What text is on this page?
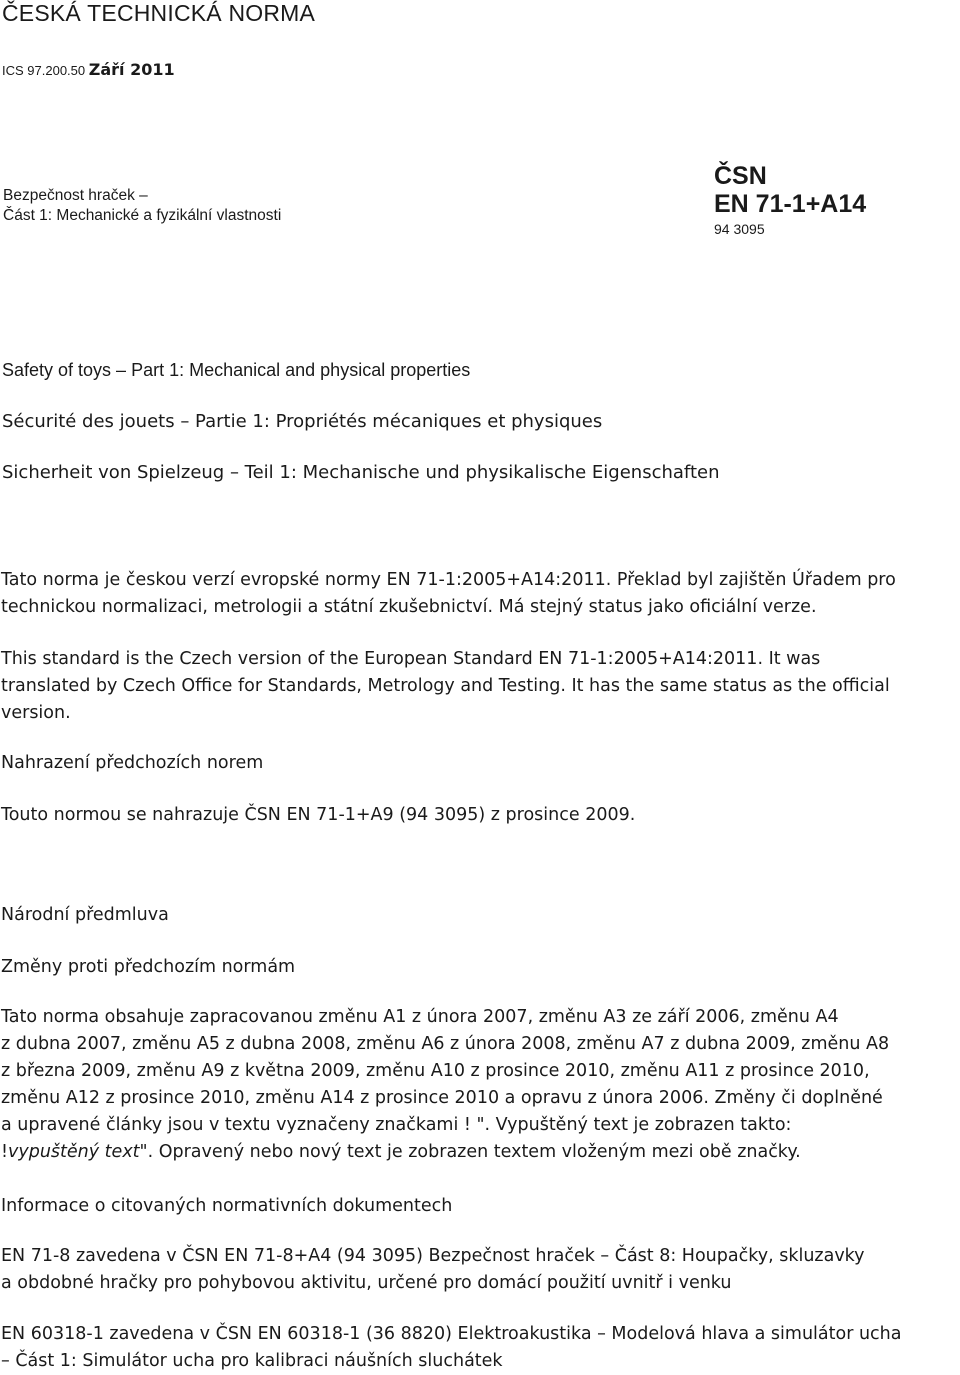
ČESKÁ TECHNICKÁ NORMA
ICS 97.200.50 Září 2011
Bezpečnost hraček –
Část 1: Mechanické a fyzikální vlastnosti
ČSN
EN 71-1+A14
94 3095
Safety of toys – Part 1: Mechanical and physical properties
Sécurité des jouets – Partie 1: Propriétés mécaniques et physiques
Sicherheit von Spielzeug – Teil 1: Mechanische und physikalische Eigenschaften
Tato norma je českou verzí evropské normy EN 71-1:2005+A14:2011. Překlad byl zajištěn Úřadem pro
technickou normalizaci, metrologii a státní zkušebnictví. Má stejný status jako oficiální verze.
This standard is the Czech version of the European Standard EN 71-1:2005+A14:2011. It was
translated by Czech Office for Standards, Metrology and Testing. It has the same status as the official
version.
Nahrazení předchozích norem
Touto normou se nahrazuje ČSN EN 71-1+A9 (94 3095) z prosince 2009.
Národní předmluva
Změny proti předchozím normám
Tato norma obsahuje zapracovanou změnu A1 z února 2007, změnu A3 ze září 2006, změnu A4
z dubna 2007, změnu A5 z dubna 2008, změnu A6 z února 2008, změnu A7 z dubna 2009, změnu A8
z března 2009, změnu A9 z května 2009, změnu A10 z prosince 2010, změnu A11 z prosince 2010,
změnu A12 z prosince 2010, změnu A14 z prosince 2010 a opravu z února 2006. Změny či doplněné
a upravené články jsou v textu vyznačeny značkami ! ". Vypuštěný text je zobrazen takto:
!vypuštěný text". Opravený nebo nový text je zobrazen textem vloženým mezi obě značky.
Informace o citovaných normativních dokumentech
EN 71-8 zavedena v ČSN EN 71-8+A4 (94 3095) Bezpečnost hraček – Část 8: Houpačky, skluzavky
a obdobné hračky pro pohybovou aktivitu, určené pro domácí použití uvnitř i venku
EN 60318-1 zavedena v ČSN EN 60318-1 (36 8820) Elektroakustika – Modelová hlava a simulátor ucha
– Část 1: Simulátor ucha pro kalibraci náušních sluchátek
